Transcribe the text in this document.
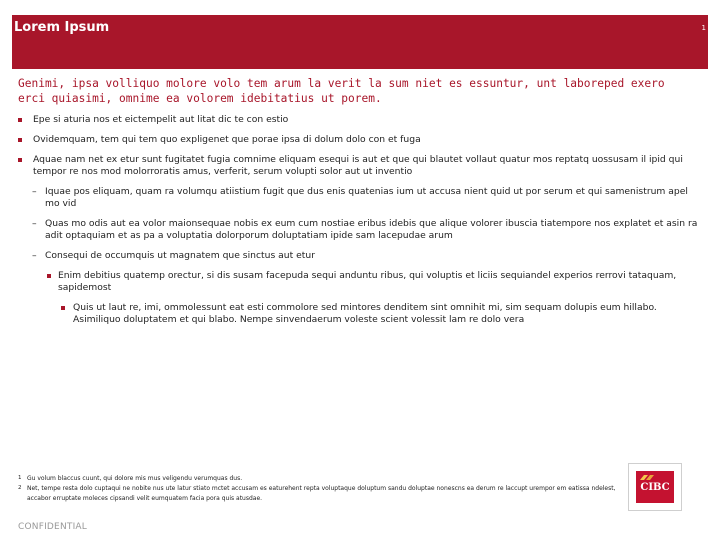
Lorem Ipsum	1
Genimi, ipsa volliquo molore volo tem arum la verit la sum niet es essuntur, unt laboreped exero erci quiasimi, omnime ea volorem idebitatius ut porem.
Epe si aturia nos et eictempelit aut litat dic te con estio
Ovidemquam, tem qui tem quo expligenet que porae ipsa di dolum dolo con et fuga
Aquae nam net ex etur sunt fugitatet fugia comnime eliquam esequi is aut et que qui blautet vollaut quatur mos reptatq uossusam il ipid qui tempor re nos mod molorroratis amus, verferit, serum volupti solor aut ut inventio
– Iquae pos eliquam, quam ra volumqu atiistium fugit que dus enis quatenias ium ut accusa nient quid ut por serum et qui samenistrum apel mo vid
– Quas mo odis aut ea volor maionsequae nobis ex eum cum nostiae eribus idebis que alique volorer ibuscia tiatempore nos explatet et asin ra adit optaquiam et as pa a voluptatia dolorporum doluptatiam ipide sam lacepudae arum
– Consequi de occumquis ut magnatem que sinctus aut etur
Enim debitius quatemp orectur, si dis susam facepuda sequi anduntu ribus, qui voluptis et liciis sequiandel experios rerrovi tataquam, sapidemost
Quis ut laut re, imi, ommolessunt eat esti commolore sed mintores denditem sint omnihit mi, sim sequam dolupis eum hillabo. Asimiliquo doluptatem et qui blabo. Nempe sinvendaerum voleste scient volessit lam re dolo vera
1 Gu volum blaccus cuunt, qui dolore mis mus veligendu verumquas dus.
2 Net, tempe resta dolo cuptaqui ne nobite nus ute latur stiato mctet accusam es eaturehent repta voluptaque doluptum sandu doluptae nonescns ea derum re laccupt urempor em eatissa ndelest, accabor erruptate moleces cipsandi velit eumquatem facia pora quis atusdae.
CONFIDENTIAL
CIBC
